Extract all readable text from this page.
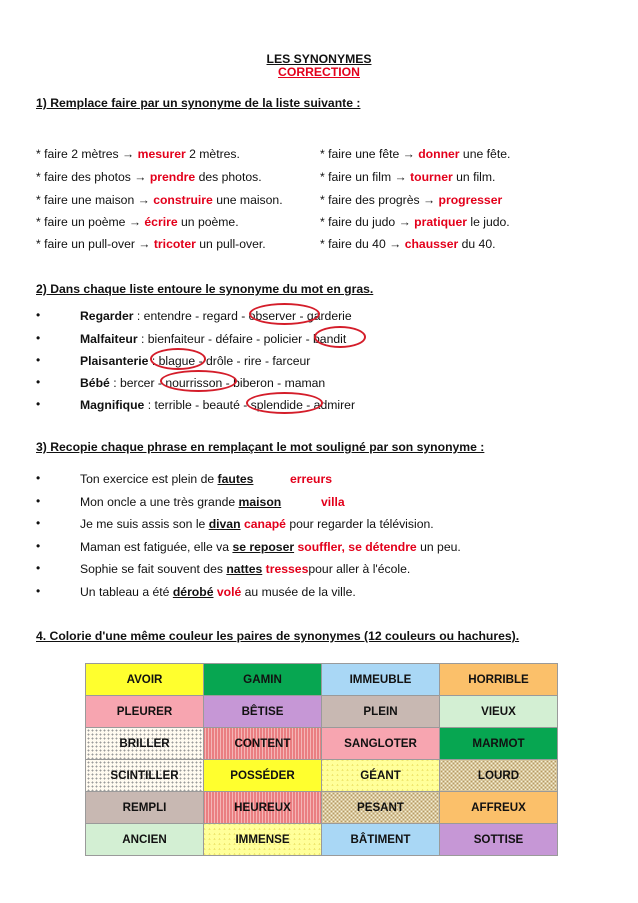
LES SYNONYMES
CORRECTION
1) Remplace faire par un synonyme de la liste suivante :
* faire 2 mètres → mesurer 2 mètres.
* faire des photos → prendre des photos.
* faire une maison → construire une maison.
* faire un poème → écrire un poème.
* faire un pull-over → tricoter un pull-over.
* faire une fête → donner une fête.
* faire un film → tourner un film.
* faire des progrès → progresser
* faire du judo → pratiquer le judo.
* faire du 40 → chausser du 40.
2) Dans chaque liste entoure le synonyme du mot en gras.
•	Regarder : entendre - regard - observer - garderie
•	Malfaiteur : bienfaiteur - défaire - policier - bandit
•	Plaisanterie : blague - drôle - rire - farceur
•	Bébé : bercer - nourrisson - biberon - maman
•	Magnifique : terrible - beauté - splendide - admirer
3) Recopie chaque phrase en remplaçant le mot souligné par son synonyme :
•	Ton exercice est plein de fautes	erreurs
•	Mon oncle a une très grande maison	villa
•	Je me suis assis son le divan canapé pour regarder la télévision.
•	Maman est fatiguée, elle va se reposer souffler, se détendre un peu.
•	Sophie se fait souvent des nattes tressespour aller à l'école.
•	Un tableau a été dérobé volé au musée de la ville.
4. Colorie d'une même couleur les paires de synonymes (12 couleurs ou hachures).
AVOIR	GAMIN	IMMEUBLE	HORRIBLE
PLEURER	BÊTISE	PLEIN	VIEUX
BRILLER	CONTENT	SANGLOTER	MARMOT
SCINTILLER	POSSÉDER	GÉANT	LOURD
REMPLI	HEUREUX	PESANT	AFFREUX
ANCIEN	IMMENSE	BÂTIMENT	SOTTISE
